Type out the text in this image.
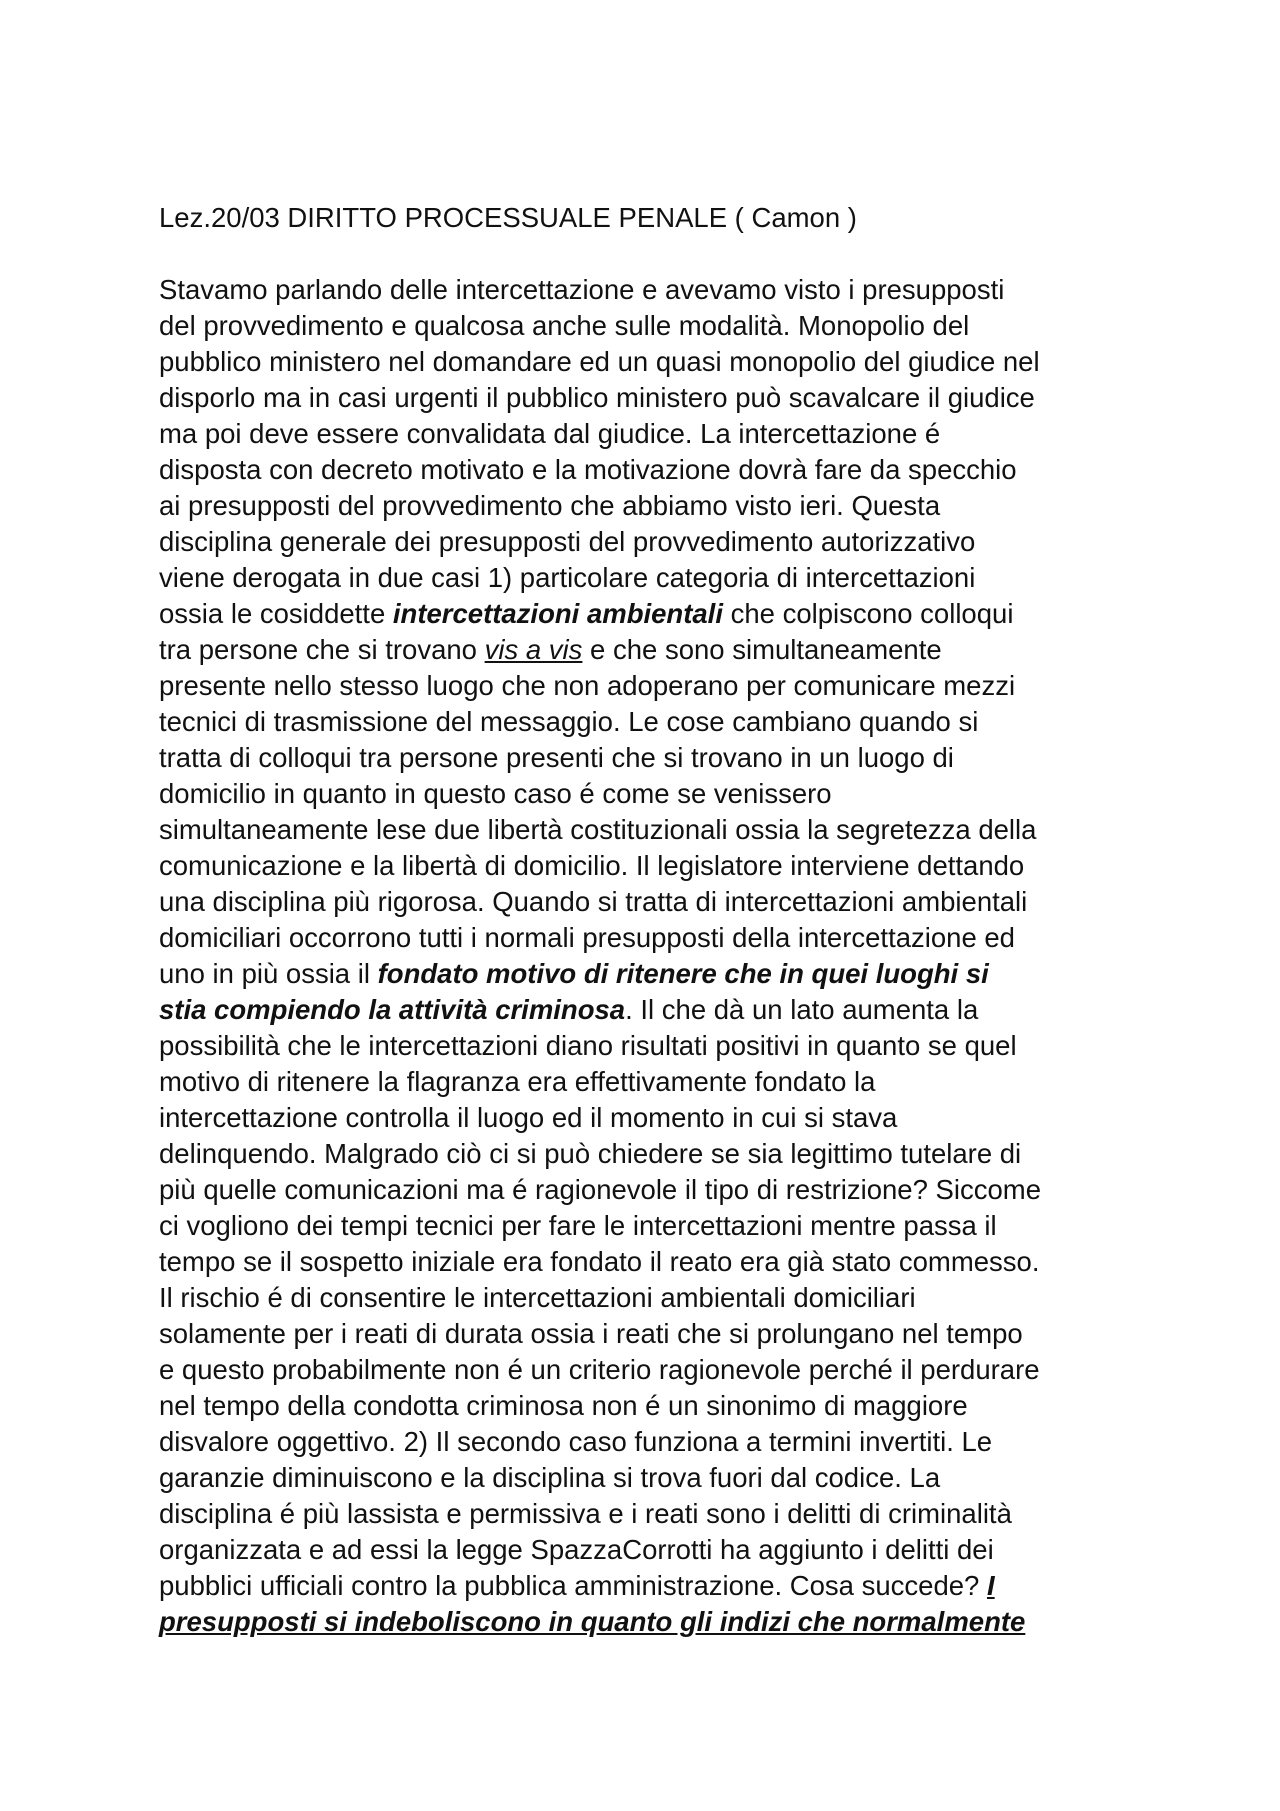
Lez.20/03 DIRITTO PROCESSUALE PENALE ( Camon )
Stavamo parlando delle intercettazione e avevamo visto i presupposti
del provvedimento e qualcosa anche sulle modalità. Monopolio del
pubblico ministero nel domandare ed un quasi monopolio del giudice nel
disporlo ma in casi urgenti il pubblico ministero può scavalcare il giudice
ma poi deve essere convalidata dal giudice. La intercettazione é
disposta con decreto motivato e la motivazione dovrà fare da specchio
ai presupposti del provvedimento che abbiamo visto ieri. Questa
disciplina generale dei presupposti del provvedimento autorizzativo
viene derogata in due casi 1) particolare categoria di intercettazioni
ossia le cosiddette intercettazioni ambientali che colpiscono colloqui
tra persone che si trovano vis a vis e che sono simultaneamente
presente nello stesso luogo che non adoperano per comunicare mezzi
tecnici di trasmissione del messaggio. Le cose cambiano quando si
tratta di colloqui tra persone presenti che si trovano in un luogo di
domicilio in quanto in questo caso é come se venissero
simultaneamente lese due libertà costituzionali ossia la segretezza della
comunicazione e la libertà di domicilio. Il legislatore interviene dettando
una disciplina più rigorosa. Quando si tratta di intercettazioni ambientali
domiciliari occorrono tutti i normali presupposti della intercettazione ed
uno in più ossia il fondato motivo di ritenere che in quei luoghi si
stia compiendo la attività criminosa. Il che dà un lato aumenta la
possibilità che le intercettazioni diano risultati positivi in quanto se quel
motivo di ritenere la flagranza era effettivamente fondato la
intercettazione controlla il luogo ed il momento in cui si stava
delinquendo. Malgrado ciò ci si può chiedere se sia legittimo tutelare di
più quelle comunicazioni ma é ragionevole il tipo di restrizione? Siccome
ci vogliono dei tempi tecnici per fare le intercettazioni mentre passa il
tempo se il sospetto iniziale era fondato il reato era già stato commesso.
Il rischio é di consentire le intercettazioni ambientali domiciliari
solamente per i reati di durata ossia i reati che si prolungano nel tempo
e questo probabilmente non é un criterio ragionevole perché il perdurare
nel tempo della condotta criminosa non é un sinonimo di maggiore
disvalore oggettivo. 2) Il secondo caso funziona a termini invertiti. Le
garanzie diminuiscono e la disciplina si trova fuori dal codice. La
disciplina é più lassista e permissiva e i reati sono i delitti di criminalità
organizzata e ad essi la legge SpazzaCorrotti ha aggiunto i delitti dei
pubblici ufficiali contro la pubblica amministrazione. Cosa succede? I
presupposti si indeboliscono in quanto gli indizi che normalmente
